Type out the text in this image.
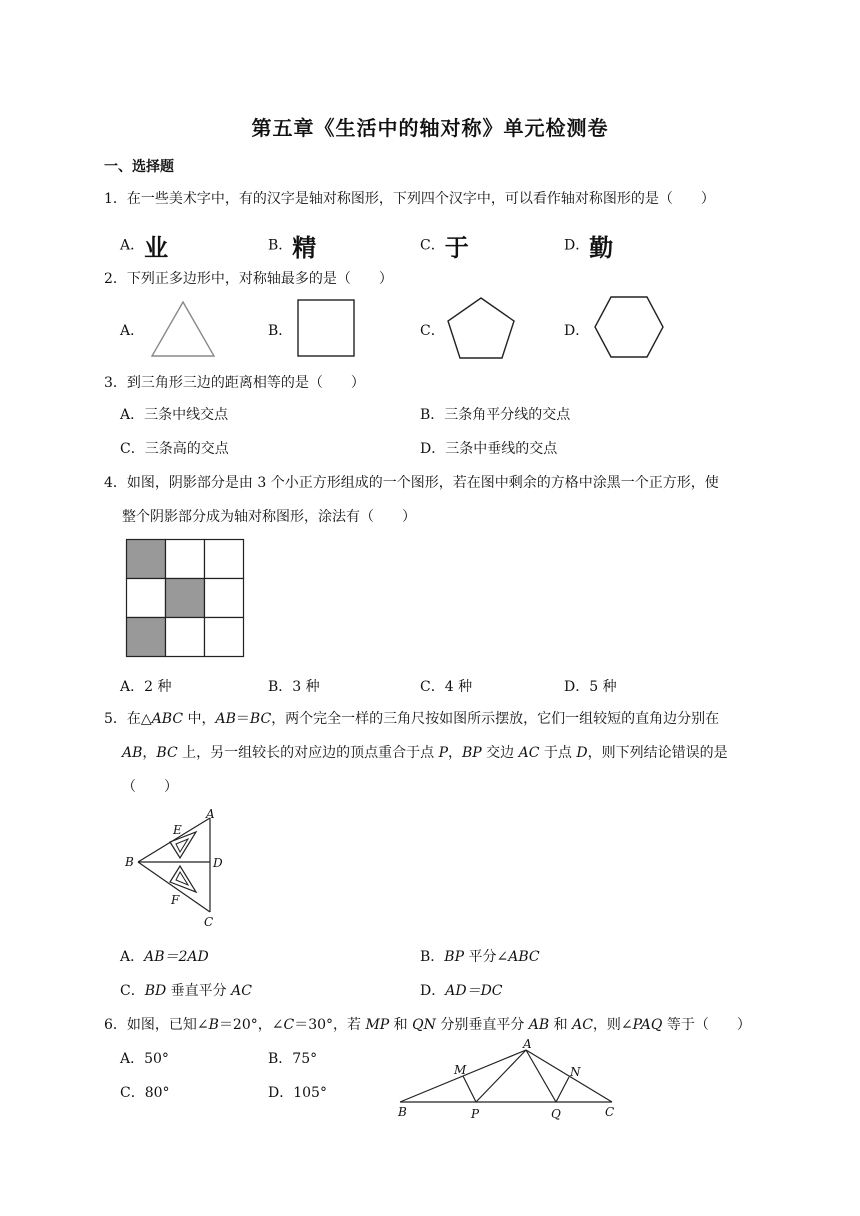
第五章《生活中的轴对称》单元检测卷
一、选择题
1．在一些美术字中，有的汉字是轴对称图形，下列四个汉字中，可以看作轴对称图形的是（　　）
A．业	B．精	C．于	D．勤
2．下列正多边形中，对称轴最多的是（　　）
A．	B．	C．	D．
3．到三角形三边的距离相等的是（　　）
A．三条中线交点	B．三条角平分线的交点
C．三条高的交点	D．三条中垂线的交点
4．如图，阴影部分是由 3 个小正方形组成的一个图形，若在图中剩余的方格中涂黑一个正方形，使
整个阴影部分成为轴对称图形，涂法有（　　）
A．2 种	B．3 种	C．4 种	D．5 种
5．在△ABC 中，AB＝BC，两个完全一样的三角尺按如图所示摆放，它们一组较短的直角边分别在
AB，BC 上，另一组较长的对应边的顶点重合于点 P，BP 交边 AC 于点 D，则下列结论错误的是
（　　）
A
B
C
D
E
F
A．AB＝2AD	B．BP 平分∠ABC
C．BD 垂直平分 AC	D．AD＝DC
6．如图，已知∠B＝20°，∠C＝30°，若 MP 和 QN 分别垂直平分 AB 和 AC，则∠PAQ 等于（　　）
A．50°	B．75°
C．80°	D．105°
A
B	C
M	N
P	Q
